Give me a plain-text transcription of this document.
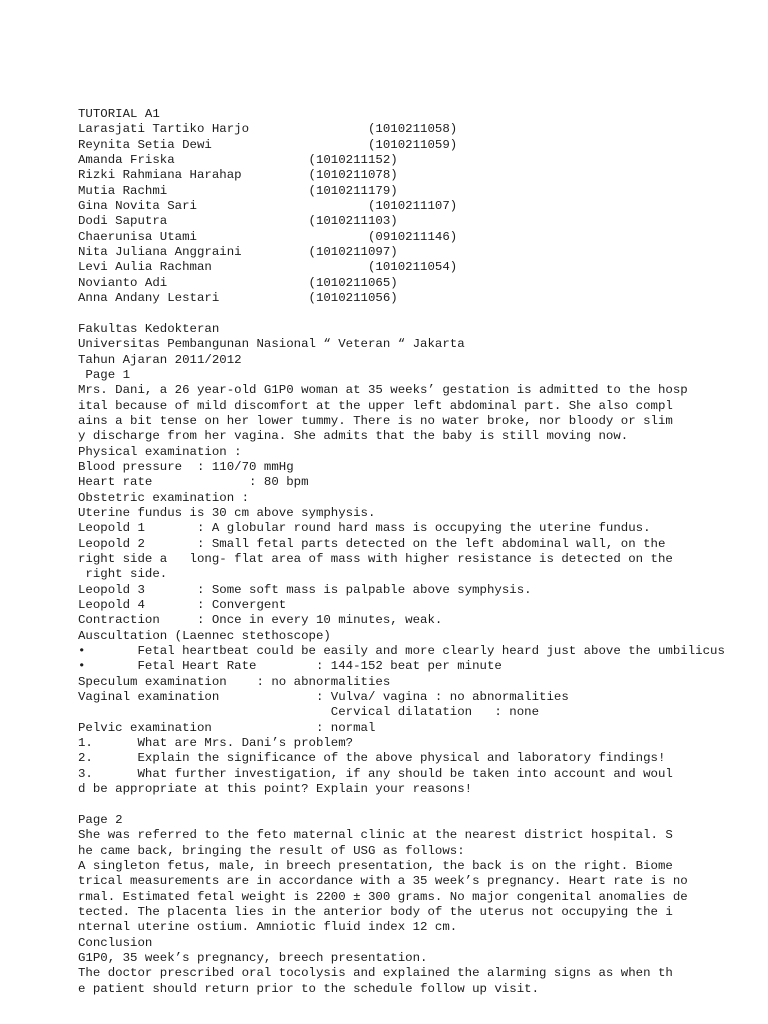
TUTORIAL A1
Larasjati Tartiko Harjo                (1010211058)
Reynita Setia Dewi                     (1010211059)
Amanda Friska                  (1010211152)
Rizki Rahmiana Harahap         (1010211078)
Mutia Rachmi                   (1010211179)
Gina Novita Sari                       (1010211107)
Dodi Saputra                   (1010211103)
Chaerunisa Utami                       (0910211146)
Nita Juliana Anggraini         (1010211097)
Levi Aulia Rachman                     (1010211054)
Novianto Adi                   (1010211065)
Anna Andany Lestari            (1010211056)
Fakultas Kedokteran
Universitas Pembangunan Nasional “ Veteran “ Jakarta
Tahun Ajaran 2011/2012
Page 1
Mrs. Dani, a 26 year-old G1P0 woman at 35 weeks’ gestation is admitted to the hosp
ital because of mild discomfort at the upper left abdominal part. She also compl
ains a bit tense on her lower tummy. There is no water broke, nor bloody or slim
y discharge from her vagina. She admits that the baby is still moving now.
Physical examination :
Blood pressure  : 110/70 mmHg
Heart rate             : 80 bpm
Obstetric examination :
Uterine fundus is 30 cm above symphysis.
Leopold 1       : A globular round hard mass is occupying the uterine fundus.
Leopold 2       : Small fetal parts detected on the left abdominal wall, on the
right side a   long- flat area of mass with higher resistance is detected on the
right side.
Leopold 3       : Some soft mass is palpable above symphysis.
Leopold 4       : Convergent
Contraction     : Once in every 10 minutes, weak.
Auscultation (Laennec stethoscope)
•       Fetal heartbeat could be easily and more clearly heard just above the umbilicus
•       Fetal Heart Rate        : 144-152 beat per minute
Speculum examination    : no abnormalities
Vaginal examination             : Vulva/ vagina : no abnormalities
Cervical dilatation   : none
Pelvic examination              : normal
1.      What are Mrs. Dani’s problem?
2.      Explain the significance of the above physical and laboratory findings!
3.      What further investigation, if any should be taken into account and woul
d be appropriate at this point? Explain your reasons!
Page 2
She was referred to the feto maternal clinic at the nearest district hospital. S
he came back, bringing the result of USG as follows:
A singleton fetus, male, in breech presentation, the back is on the right. Biome
trical measurements are in accordance with a 35 week’s pregnancy. Heart rate is no
rmal. Estimated fetal weight is 2200 ± 300 grams. No major congenital anomalies de
tected. The placenta lies in the anterior body of the uterus not occupying the i
nternal uterine ostium. Amniotic fluid index 12 cm.
Conclusion
G1P0, 35 week’s pregnancy, breech presentation.
The doctor prescribed oral tocolysis and explained the alarming signs as when th
e patient should return prior to the schedule follow up visit.
